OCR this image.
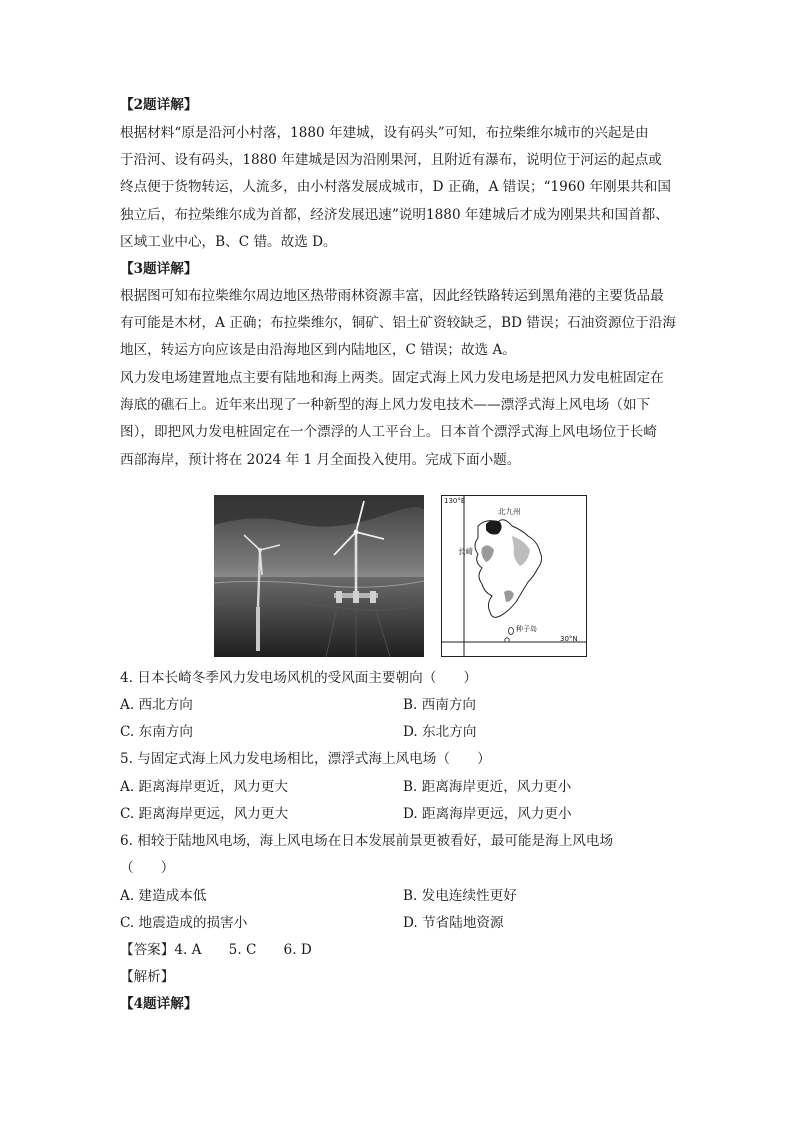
【2题详解】
根据材料“原是沿河小村落，1880 年建城，设有码头”可知，布拉柴维尔城市的兴起是由
于沿河、设有码头，1880 年建城是因为沿刚果河，且附近有瀑布，说明位于河运的起点或
终点便于货物转运，人流多，由小村落发展成城市，D 正确，A 错误；“1960 年刚果共和国
独立后，布拉柴维尔成为首都，经济发展迅速”说明1880 年建城后才成为刚果共和国首都、
区域工业中心，B、C 错。故选 D。
【3题详解】
根据图可知布拉柴维尔周边地区热带雨林资源丰富，因此经铁路转运到黑角港的主要货品最
有可能是木材，A 正确；布拉柴维尔，铜矿、铝土矿资较缺乏，BD 错误；石油资源位于沿海
地区，转运方向应该是由沿海地区到内陆地区，C 错误；故选 A。
风力发电场建置地点主要有陆地和海上两类。固定式海上风力发电场是把风力发电桩固定在
海底的礁石上。近年来出现了一种新型的海上风力发电技术——漂浮式海上风电场（如下
图），即把风力发电桩固定在一个漂浮的人工平台上。日本首个漂浮式海上风电场位于长崎
西部海岸，预计将在 2024 年 1 月全面投入使用。完成下面小题。
130°E
北九州
长崎
种子岛
30°N
4. 日本长崎冬季风力发电场风机的受风面主要朝向（　　）
A. 西北方向	B. 西南方向
C. 东南方向	D. 东北方向
5. 与固定式海上风力发电场相比，漂浮式海上风电场（　　）
A. 距离海岸更近，风力更大	B. 距离海岸更近，风力更小
C. 距离海岸更远，风力更大	D. 距离海岸更远，风力更小
6. 相较于陆地风电场，海上风电场在日本发展前景更被看好，最可能是海上风电场
（　　）
A. 建造成本低	B. 发电连续性更好
C. 地震造成的损害小	D. 节省陆地资源
【答案】4. A　　5. C　　6. D
【解析】
【4题详解】
